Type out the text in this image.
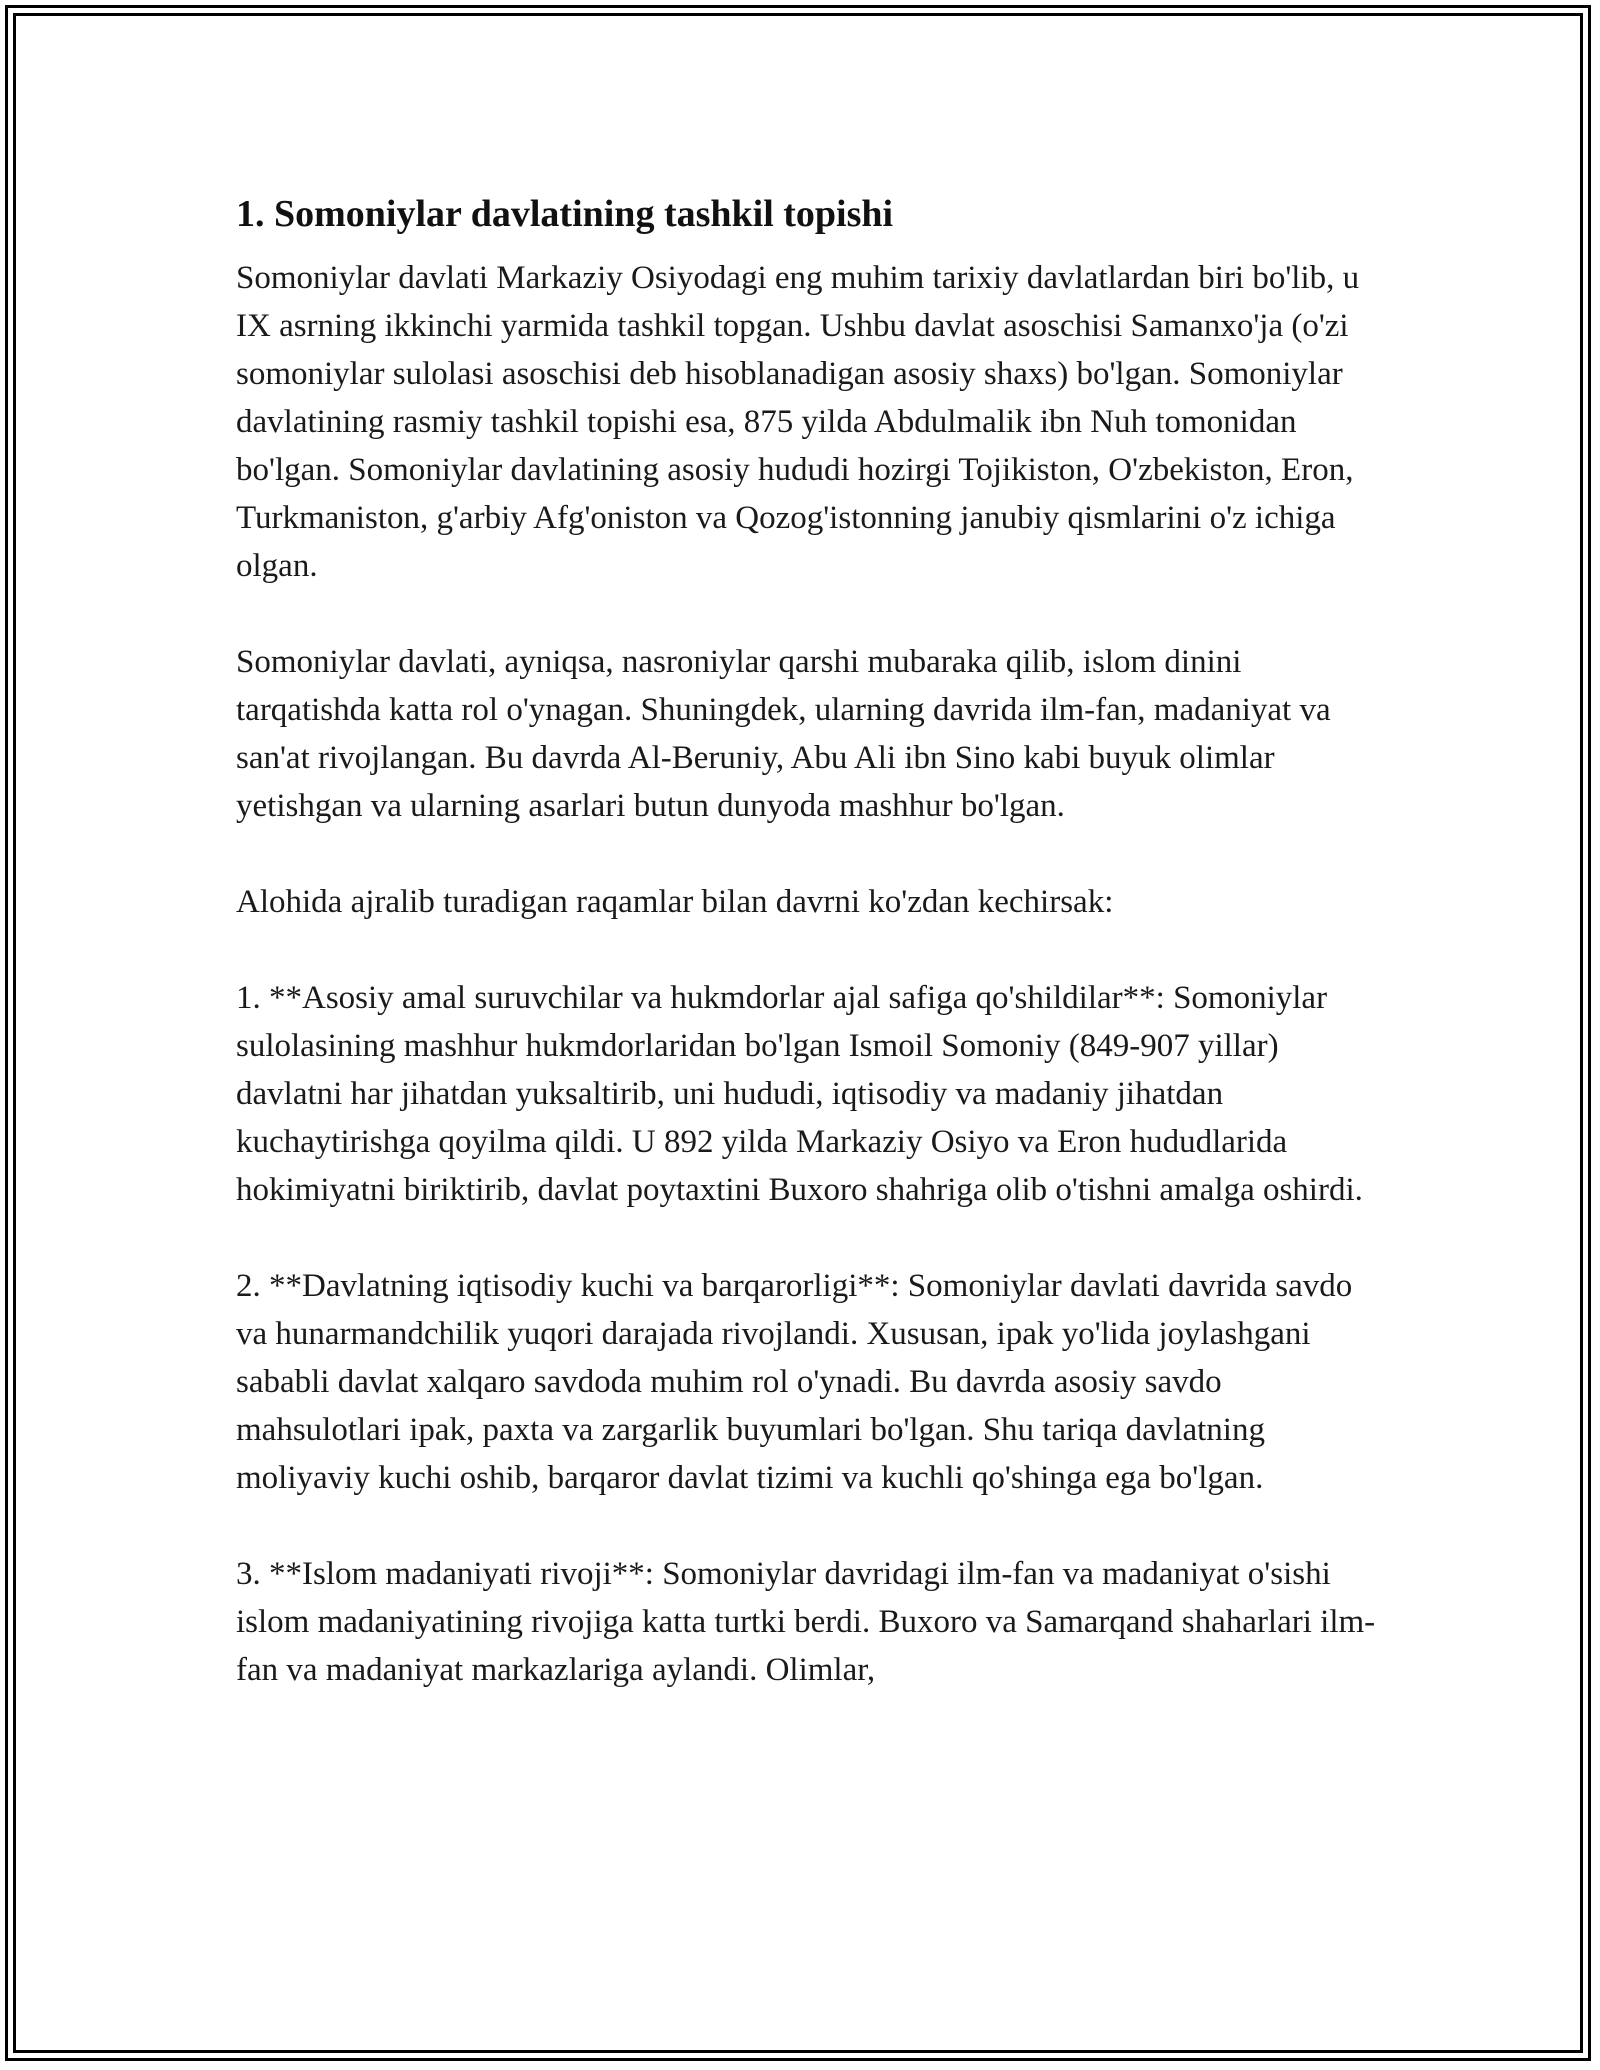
1. Somoniylar davlatining tashkil topishi

Somoniylar davlati Markaziy Osiyodagi eng muhim tarixiy davlatlardan biri bo'lib, u IX asrning ikkinchi yarmida tashkil topgan. Ushbu davlat asoschisi Samanxo'ja (o'zi somoniylar sulolasi asoschisi deb hisoblanadigan asosiy shaxs) bo'lgan. Somoniylar davlatining rasmiy tashkil topishi esa, 875 yilda Abdulmalik ibn Nuh tomonidan bo'lgan. Somoniylar davlatining asosiy hududi hozirgi Tojikiston, O'zbekiston, Eron, Turkmaniston, g'arbiy Afg'oniston va Qozog'istonning janubiy qismlarini o'z ichiga olgan.

Somoniylar davlati, ayniqsa, nasroniylar qarshi mubaraka qilib, islom dinini tarqatishda katta rol o'ynagan. Shuningdek, ularning davrida ilm-fan, madaniyat va san'at rivojlangan. Bu davrda Al-Beruniy, Abu Ali ibn Sino kabi buyuk olimlar yetishgan va ularning asarlari butun dunyoda mashhur bo'lgan.

Alohida ajralib turadigan raqamlar bilan davrni ko'zdan kechirsak:

1. **Asosiy amal suruvchilar va hukmdorlar ajal safiga qo'shildilar**: Somoniylar sulolasining mashhur hukmdorlaridan bo'lgan Ismoil Somoniy (849-907 yillar) davlatni har jihatdan yuksaltirib, uni hududi, iqtisodiy va madaniy jihatdan kuchaytirishga qoyilma qildi. U 892 yilda Markaziy Osiyo va Eron hududlarida hokimiyatni biriktirib, davlat poytaxtini Buxoro shahriga olib o'tishni amalga oshirdi.

2. **Davlatning iqtisodiy kuchi va barqarorligi**: Somoniylar davlati davrida savdo va hunarmandchilik yuqori darajada rivojlandi. Xususan, ipak yo'lida joylashgani sababli davlat xalqaro savdoda muhim rol o'ynadi. Bu davrda asosiy savdo mahsulotlari ipak, paxta va zargarlik buyumlari bo'lgan. Shu tariqa davlatning moliyaviy kuchi oshib, barqaror davlat tizimi va kuchli qo'shinga ega bo'lgan.

3. **Islom madaniyati rivoji**: Somoniylar davridagi ilm-fan va madaniyat o'sishi islom madaniyatining rivojiga katta turtki berdi. Buxoro va Samarqand shaharlari ilm-fan va madaniyat markazlariga aylandi. Olimlar,
